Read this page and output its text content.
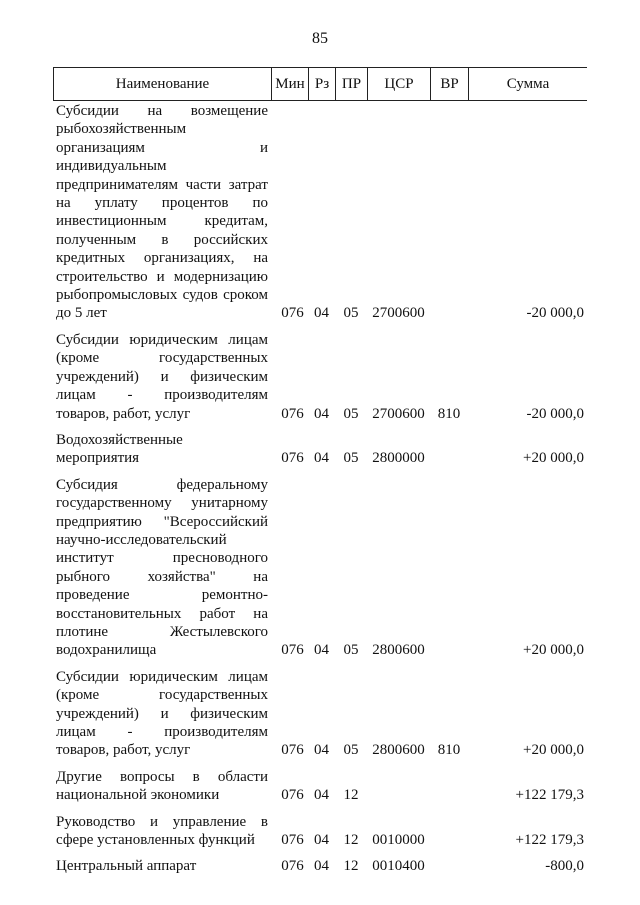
85
Наименование	Мин Рз ПР	ЦСР	ВР	Сумма
Субсидии на возмещение рыбохозяйственным организациям и индивидуальным предпринимателям части затрат на уплату процентов по инвестиционным кредитам, полученным в российских кредитных организациях, на строительство и модернизацию рыбопромысловых судов сроком до 5 лет	076 04 05 2700600	-20 000,0
Субсидии юридическим лицам (кроме государственных учреждений) и физическим лицам - производителям товаров, работ, услуг	076 04 05 2700600 810	-20 000,0
Водохозяйственные мероприятия	076 04 05 2800000	+20 000,0
Субсидия федеральному государственному унитарному предприятию "Всероссийский научно-исследовательский институт пресноводного рыбного хозяйства" на проведение ремонтно-восстановительных работ на плотине Жестылевского водохранилища	076 04 05 2800600	+20 000,0
Субсидии юридическим лицам (кроме государственных учреждений) и физическим лицам - производителям товаров, работ, услуг	076 04 05 2800600 810	+20 000,0
Другие вопросы в области национальной экономики	076 04 12	+122 179,3
Руководство и управление в сфере установленных функций	076 04 12 0010000	+122 179,3
Центральный аппарат	076 04 12 0010400	-800,0
